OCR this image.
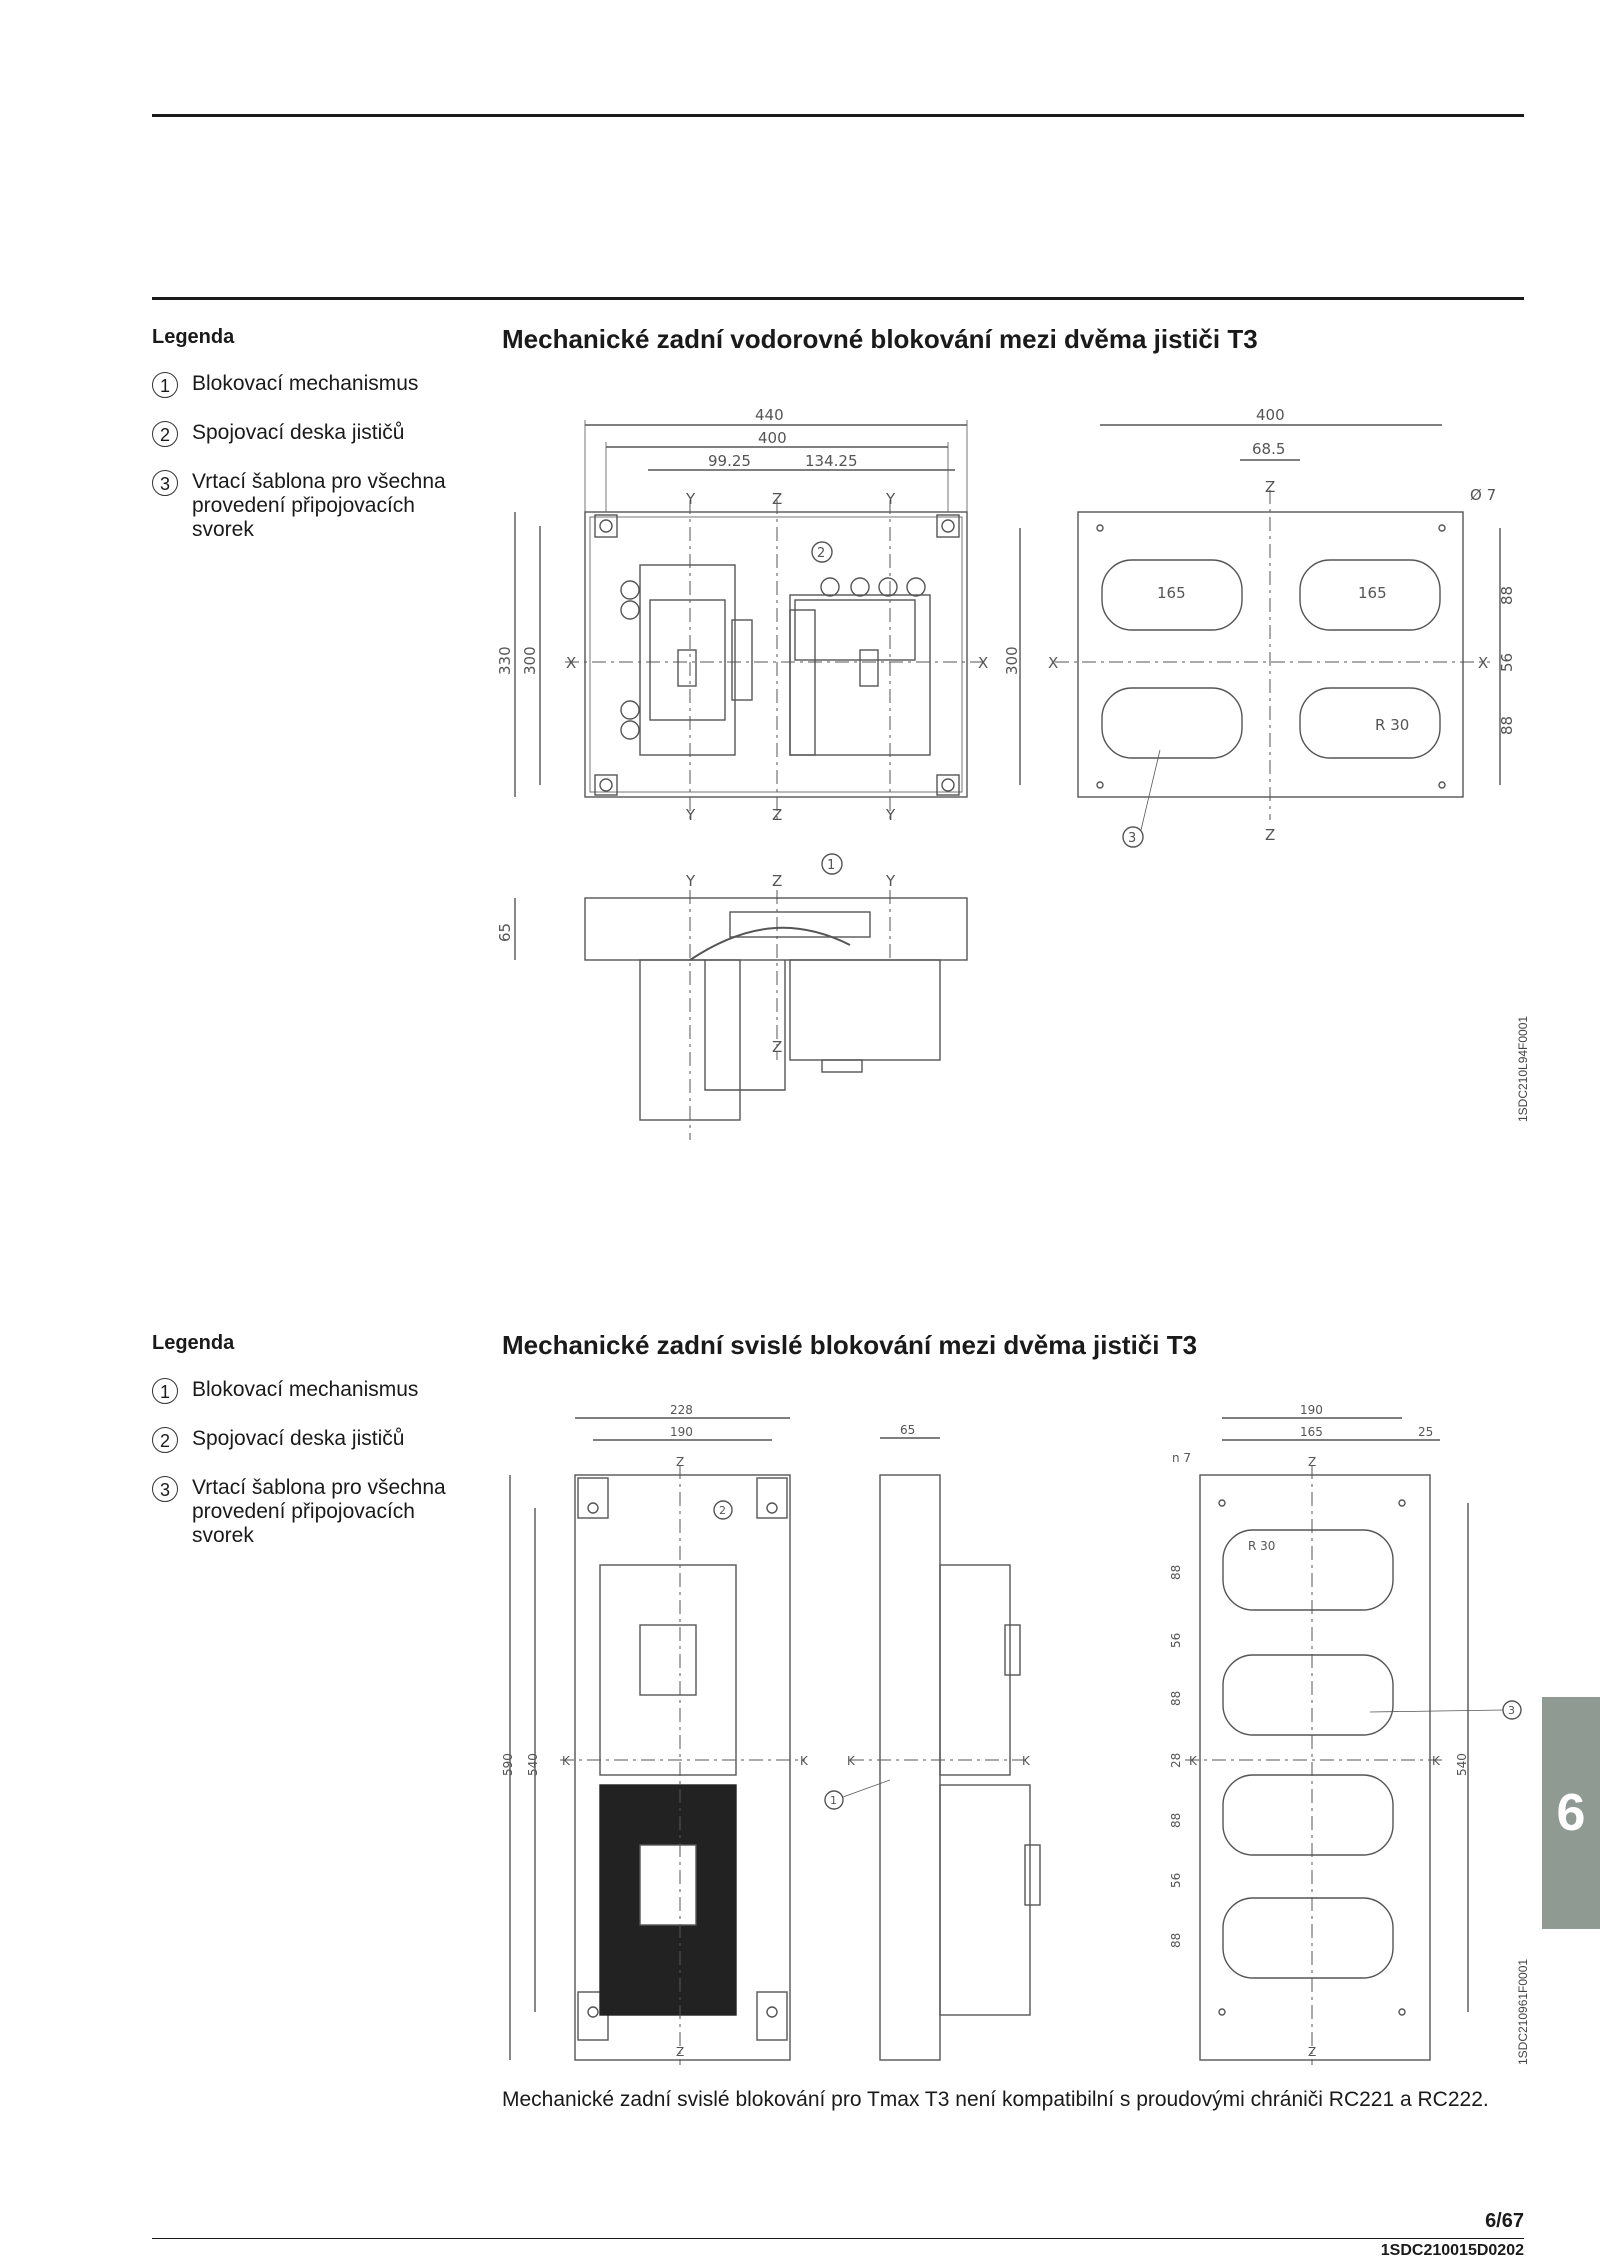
Legenda
1	Blokovací mechanismus
2	Spojovací deska jističů
3	Vrtací šablona pro všechna provedení připojovacích svorek
Mechanické zadní vodorovné blokování mezi dvěma jističi T3
440
400
99.25	134.25
330 300
Y	Z	Y
X	X
Y	Z	Y
2
400
68.5
Ø 7
300
165	165	88
56
88
R 30
Z
Z
X	X
3
65
Y	Z	Y
Z
1
1SDC210L94F0001
Legenda
1	Blokovací mechanismus
2	Spojovací deska jističů
3	Vrtací šablona pro všechna provedení připojovacích svorek
Mechanické zadní svislé blokování mezi dvěma jističi T3
228
190
590 540 K	K
Z
Z
2
65
K	K
1
190
165	25
n 7
R 30
88
56
88
28
88
56
88
540
K	K
Z
Z
3
1SDC210961F0001
Mechanické zadní svislé blokování pro Tmax T3 není kompatibilní s proudovými chrániči RC221 a RC222.
6
6/67
1SDC210015D0202
